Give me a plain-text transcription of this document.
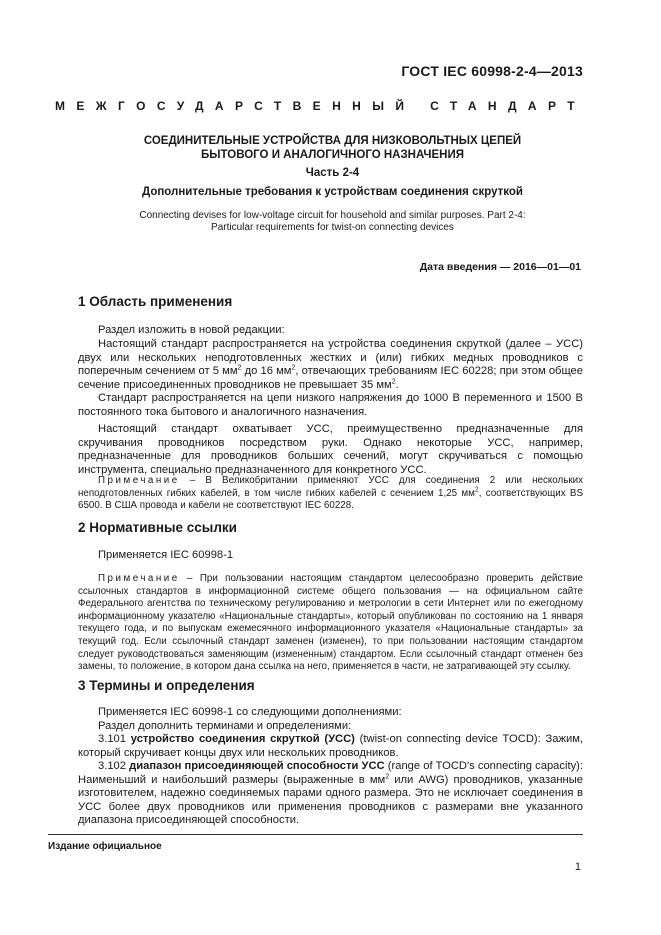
ГОСТ IEC 60998-2-4—2013
МЕЖГОСУДАРСТВЕННЫЙ СТАНДАРТ
СОЕДИНИТЕЛЬНЫЕ УСТРОЙСТВА ДЛЯ НИЗКОВОЛЬТНЫХ ЦЕПЕЙ
БЫТОВОГО И АНАЛОГИЧНОГО НАЗНАЧЕНИЯ
Часть 2-4
Дополнительные требования к устройствам соединения скруткой
Connecting devises for low-voltage circuit for household and similar purposes. Part 2-4:
Particular requirements for twist-on connecting devices
Дата введения — 2016—01—01
1 Область применения
Раздел изложить в новой редакции:
Настоящий стандарт распространяется на устройства соединения скруткой (далее – УСС) двух или нескольких неподготовленных жестких и (или) гибких медных проводников с поперечным сечением от 5 $мм^2$ до 16 $мм^2$, отвечающих требованиям IEC 60228; при этом общее сечение присоединенных проводников не превышает 35 $мм^2$.
Стандарт распространяется на цепи низкого напряжения до 1000 В переменного и 1500 В постоянного тока бытового и аналогичного назначения.
Настоящий стандарт охватывает УСС, преимущественно предназначенные для скручивания проводников посредством руки. Однако некоторые УСС, например, предназначенные для проводников больших сечений, могут скручиваться с помощью инструмента, специально предназначенного для конкретного УСС.
Примечание – В Великобритании применяют УСС для соединения 2 или нескольких неподготовленных гибких кабелей, в том числе гибких кабелей с сечением 1,25 $мм^2$, соответствующих BS 6500. В США провода и кабели не соответствуют IEC 60228.
2 Нормативные ссылки
Применяется IEC 60998-1
Примечание – При пользовании настоящим стандартом целесообразно проверить действие ссылочных стандартов в информационной системе общего пользования — на официальном сайте Федерального агентства по техническому регулированию и метрологии в сети Интернет или по ежегодному информационному указателю «Национальные стандарты», который опубликован по состоянию на 1 января текущего года, и по выпускам ежемесячного информационного указателя «Национальные стандарты» за текущий год. Если ссылочный стандарт заменен (изменен), то при пользовании настоящим стандартом следует руководствоваться заменяющим (измененным) стандартом. Если ссылочный стандарт отменен без замены, то положение, в котором дана ссылка на него, применяется в части, не затрагивающей эту ссылку.
3 Термины и определения
Применяется IEC 60998-1 со следующими дополнениями:
Раздел дополнить терминами и определениями:
3.101 устройство соединения скруткой (УСС) (twist-on connecting device TOCD): Зажим, который скручивает концы двух или нескольких проводников.
3.102 диапазон присоединяющей способности УСС (range of TOCD's connecting capacity): Наименьший и наибольший размеры (выраженные в $мм^2$ или AWG) проводников, указанные изготовителем, надежно соединяемых парами одного размера. Это не исключает соединения в УСС более двух проводников или применения проводников с размерами вне указанного диапазона присоединяющей способности.
Издание официальное
1
